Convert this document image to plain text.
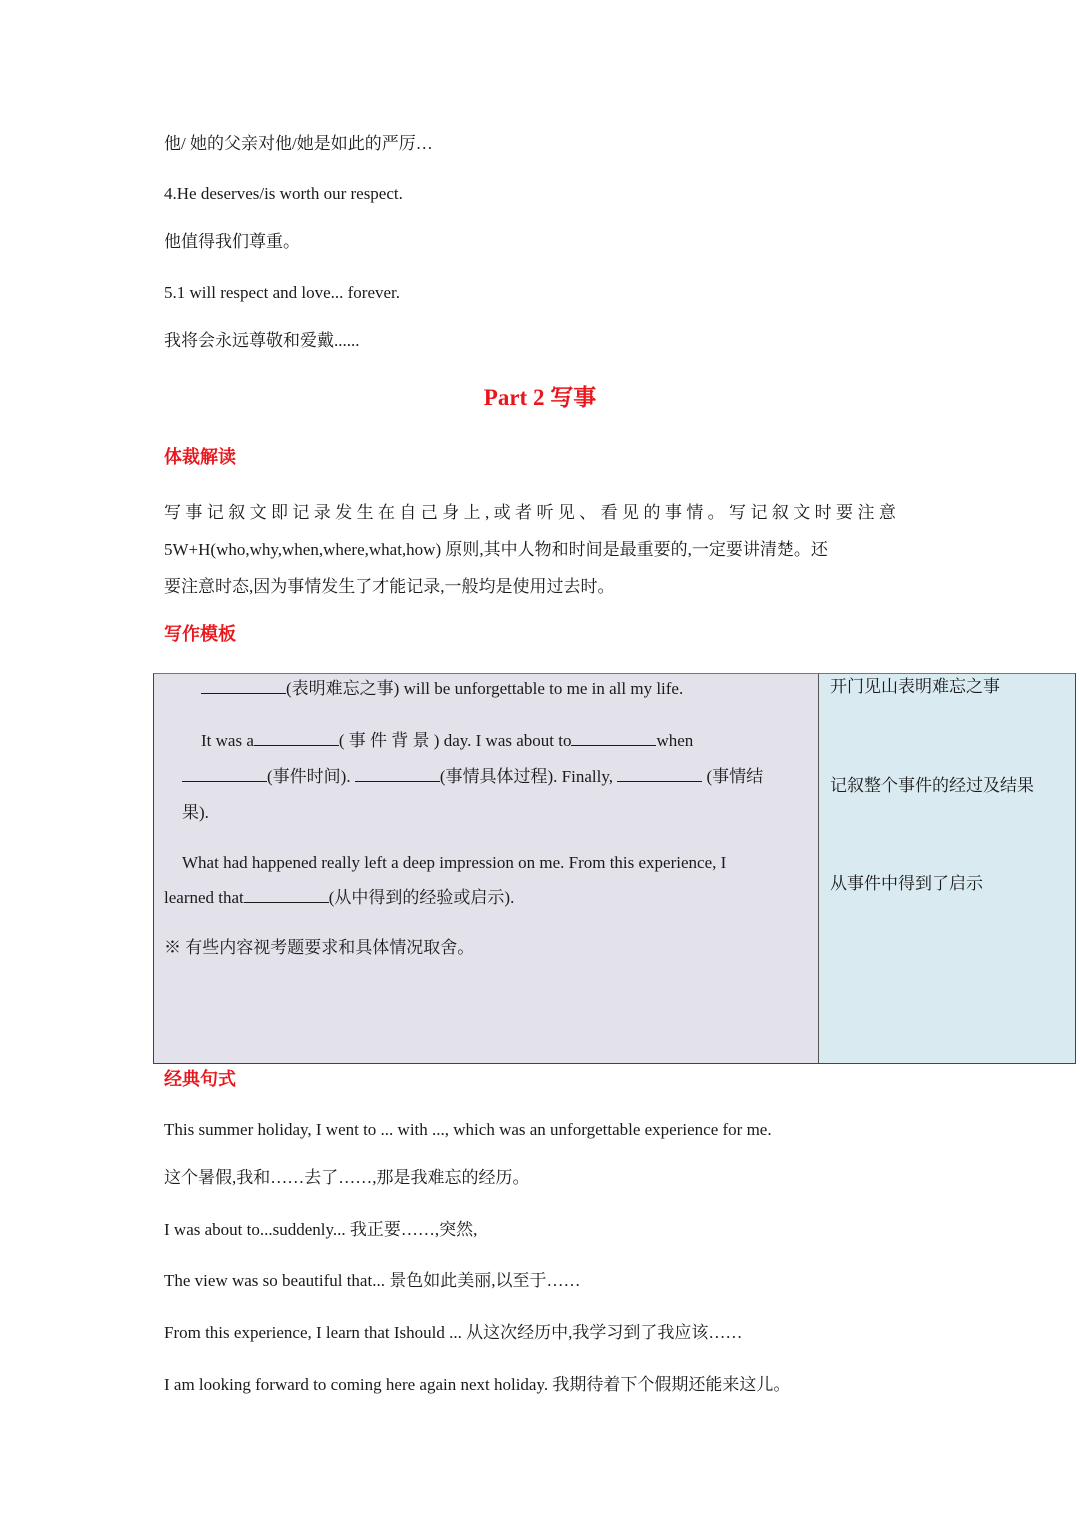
他/ 她的父亲对他/她是如此的严厉…
4.He deserves/is worth our respect.
他值得我们尊重。
5.1 will respect and love... forever.
我将会永远尊敬和爱戴......
Part 2 写事
体裁解读
写事记叙文即记录发生在自己身上,或者听见、看见的事情。写记叙文时要注意
5W+H(who,why,when,where,what,how) 原则,其中人物和时间是最重要的,一定要讲清楚。还
要注意时态,因为事情发生了才能记录,一般均是使用过去时。
写作模板
(表明难忘之事) will be unforgettable to me in all my life.
It was a	( 事 件 背 景 ) day. I was about to	when
(事件时间).	(事情具体过程). Finally,	(事情结
果).
What had happened really left a deep impression on me. From this experience, I
learned that	(从中得到的经验或启示).
※ 有些内容视考题要求和具体情况取舍。
开门见山表明难忘之事
记叙整个事件的经过及结果
从事件中得到了启示
经典句式
This summer holiday, I went to ... with ..., which was an unforgettable experience for me.
这个暑假,我和……去了……,那是我难忘的经历。
I was about to...suddenly... 我正要……,突然,
The view was so beautiful that... 景色如此美丽,以至于……
From this experience, I learn that Ishould ... 从这次经历中,我学习到了我应该……
I am looking forward to coming here again next holiday. 我期待着下个假期还能来这儿。
